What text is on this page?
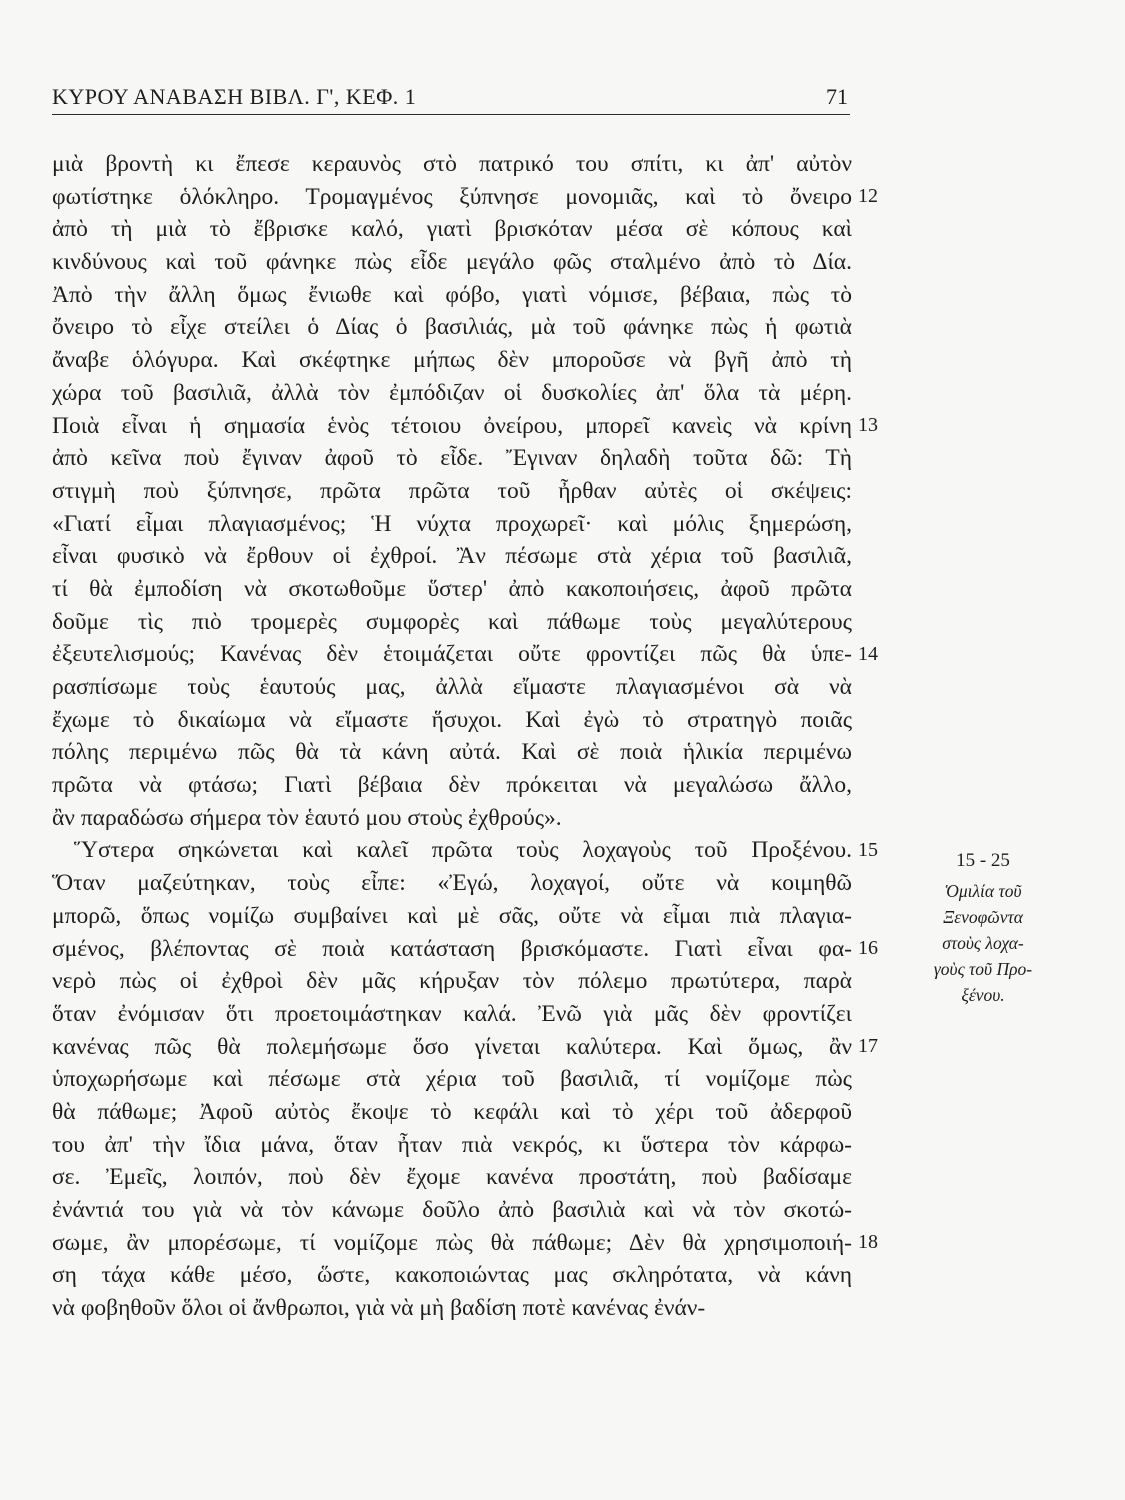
ΚΥΡΟΥ ΑΝΑΒΑΣΗ ΒΙΒΛ. Γ', ΚΕΦ. 1	71
μιὰ βροντὴ κι ἔπεσε κεραυνὸς στὸ πατρικό του σπίτι, κι ἀπ' αὐτὸν
φωτίστηκε ὁλόκληρο. Τρομαγμένος ξύπνησε μονομιᾶς, καὶ τὸ ὄνειρο
ἀπὸ τὴ μιὰ τὸ ἔβρισκε καλό, γιατὶ βρισκόταν μέσα σὲ κόπους καὶ
κινδύνους καὶ τοῦ φάνηκε πὼς εἶδε μεγάλο φῶς σταλμένο ἀπὸ τὸ Δία.
Ἀπὸ τὴν ἄλλη ὅμως ἔνιωθε καὶ φόβο, γιατὶ νόμισε, βέβαια, πὼς τὸ
ὄνειρο τὸ εἶχε στείλει ὁ Δίας ὁ βασιλιάς, μὰ τοῦ φάνηκε πὼς ἡ φωτιὰ
ἄναβε ὁλόγυρα. Καὶ σκέφτηκε μήπως δὲν μποροῦσε νὰ βγῆ ἀπὸ τὴ
χώρα τοῦ βασιλιᾶ, ἀλλὰ τὸν ἐμπόδιζαν οἱ δυσκολίες ἀπ' ὅλα τὰ μέρη.
Ποιὰ εἶναι ἡ σημασία ἑνὸς τέτοιου ὀνείρου, μπορεῖ κανεὶς νὰ κρίνη
ἀπὸ κεῖνα ποὺ ἔγιναν ἀφοῦ τὸ εἶδε. Ἔγιναν δηλαδὴ τοῦτα δῶ: Τὴ
στιγμὴ ποὺ ξύπνησε, πρῶτα πρῶτα τοῦ ἦρθαν αὐτὲς οἱ σκέψεις:
«Γιατί εἶμαι πλαγιασμένος; Ἡ νύχτα προχωρεῖ· καὶ μόλις ξημερώση,
εἶναι φυσικὸ νὰ ἔρθουν οἱ ἐχθροί. Ἂν πέσωμε στὰ χέρια τοῦ βασιλιᾶ,
τί θὰ ἐμποδίση νὰ σκοτωθοῦμε ὕστερ' ἀπὸ κακοποιήσεις, ἀφοῦ πρῶτα
δοῦμε τὶς πιὸ τρομερὲς συμφορὲς καὶ πάθωμε τοὺς μεγαλύτερους
ἐξευτελισμούς; Κανένας δὲν ἑτοιμάζεται οὔτε φροντίζει πῶς θὰ ὑπε-
ρασπίσωμε τοὺς ἑαυτούς μας, ἀλλὰ εἴμαστε πλαγιασμένοι σὰ νὰ
ἔχωμε τὸ δικαίωμα νὰ εἴμαστε ἥσυχοι. Καὶ ἐγὼ τὸ στρατηγὸ ποιᾶς
πόλης περιμένω πῶς θὰ τὰ κάνη αὐτά. Καὶ σὲ ποιὰ ἡλικία περιμένω
πρῶτα νὰ φτάσω; Γιατὶ βέβαια δὲν πρόκειται νὰ μεγαλώσω ἄλλο,
ἂν παραδώσω σήμερα τὸν ἑαυτό μου στοὺς ἐχθρούς».
Ὕστερα σηκώνεται καὶ καλεῖ πρῶτα τοὺς λοχαγοὺς τοῦ Προξένου.
Ὅταν μαζεύτηκαν, τοὺς εἶπε: «Ἐγώ, λοχαγοί, οὔτε νὰ κοιμηθῶ
μπορῶ, ὅπως νομίζω συμβαίνει καὶ μὲ σᾶς, οὔτε νὰ εἶμαι πιὰ πλαγια-
σμένος, βλέποντας σὲ ποιὰ κατάσταση βρισκόμαστε. Γιατὶ εἶναι φα-
νερὸ πὼς οἱ ἐχθροὶ δὲν μᾶς κήρυξαν τὸν πόλεμο πρωτύτερα, παρὰ
ὅταν ἐνόμισαν ὅτι προετοιμάστηκαν καλά. Ἐνῶ γιὰ μᾶς δὲν φροντίζει
κανένας πῶς θὰ πολεμήσωμε ὅσο γίνεται καλύτερα. Καὶ ὅμως, ἂν
ὑποχωρήσωμε καὶ πέσωμε στὰ χέρια τοῦ βασιλιᾶ, τί νομίζομε πὼς
θὰ πάθωμε; Ἀφοῦ αὐτὸς ἔκοψε τὸ κεφάλι καὶ τὸ χέρι τοῦ ἀδερφοῦ
του ἀπ' τὴν ἴδια μάνα, ὅταν ἦταν πιὰ νεκρός, κι ὕστερα τὸν κάρφω-
σε. Ἐμεῖς, λοιπόν, ποὺ δὲν ἔχομε κανένα προστάτη, ποὺ βαδίσαμε
ἐνάντιά του γιὰ νὰ τὸν κάνωμε δοῦλο ἀπὸ βασιλιὰ καὶ νὰ τὸν σκοτώ-
σωμε, ἂν μπορέσωμε, τί νομίζομε πὼς θὰ πάθωμε; Δὲν θὰ χρησιμοποιή-
ση τάχα κάθε μέσο, ὥστε, κακοποιώντας μας σκληρότατα, νὰ κάνη
νὰ φοβηθοῦν ὅλοι οἱ ἄνθρωποι, γιὰ νὰ μὴ βαδίση ποτὲ κανένας ἐνάν-
12
13
14
15
16
17
18
15 - 25
Ὁμιλία τοῦ
Ξενοφῶντα
στοὺς λοχα-
γοὺς τοῦ Προ-
ξένου.
